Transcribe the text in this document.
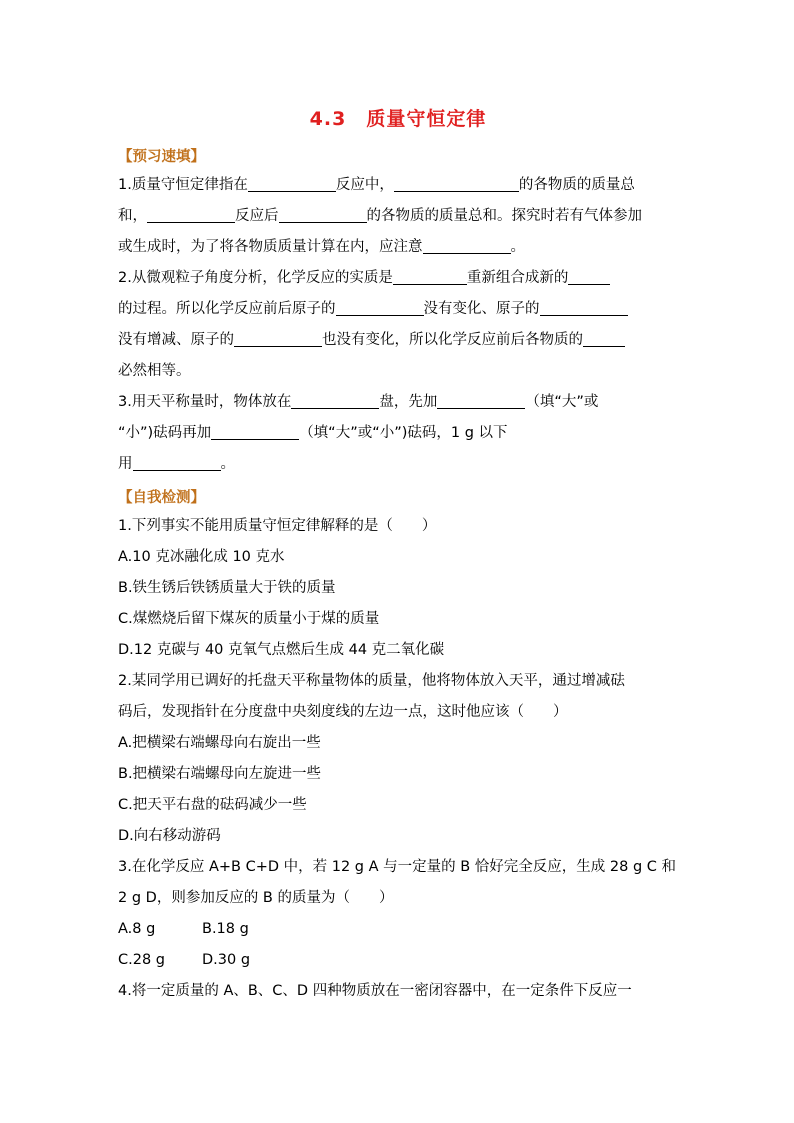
4.3　质量守恒定律
【预习速填】
1.质量守恒定律指在	反应中，	的各物质的质量总
和，	反应后	的各物质的质量总和。探究时若有气体参加
或生成时，为了将各物质质量计算在内，应注意	。
2.从微观粒子角度分析，化学反应的实质是	重新组合成新的
的过程。所以化学反应前后原子的	没有变化、原子的
没有增减、原子的	也没有变化，所以化学反应前后各物质的
必然相等。
3.用天平称量时，物体放在	盘，先加	（填“大”或
“小”)砝码再加	（填“大”或“小”)砝码，1 g 以下
用	。
【自我检测】
1.下列事实不能用质量守恒定律解释的是（　　）
A.10 克冰融化成 10 克水
B.铁生锈后铁锈质量大于铁的质量
C.煤燃烧后留下煤灰的质量小于煤的质量
D.12 克碳与 40 克氧气点燃后生成 44 克二氧化碳
2.某同学用已调好的托盘天平称量物体的质量，他将物体放入天平，通过增减砝
码后，发现指针在分度盘中央刻度线的左边一点，这时他应该（　　）
A.把横梁右端螺母向右旋出一些
B.把横梁右端螺母向左旋进一些
C.把天平右盘的砝码减少一些
D.向右移动游码
3.在化学反应 A+B C+D 中，若 12 g A 与一定量的 B 恰好完全反应，生成 28 g C 和
2 g D，则参加反应的 B 的质量为（　　）
A.8 g	B.18 g
C.28 g	D.30 g
4.将一定质量的 A、B、C、D 四种物质放在一密闭容器中，在一定条件下反应一
